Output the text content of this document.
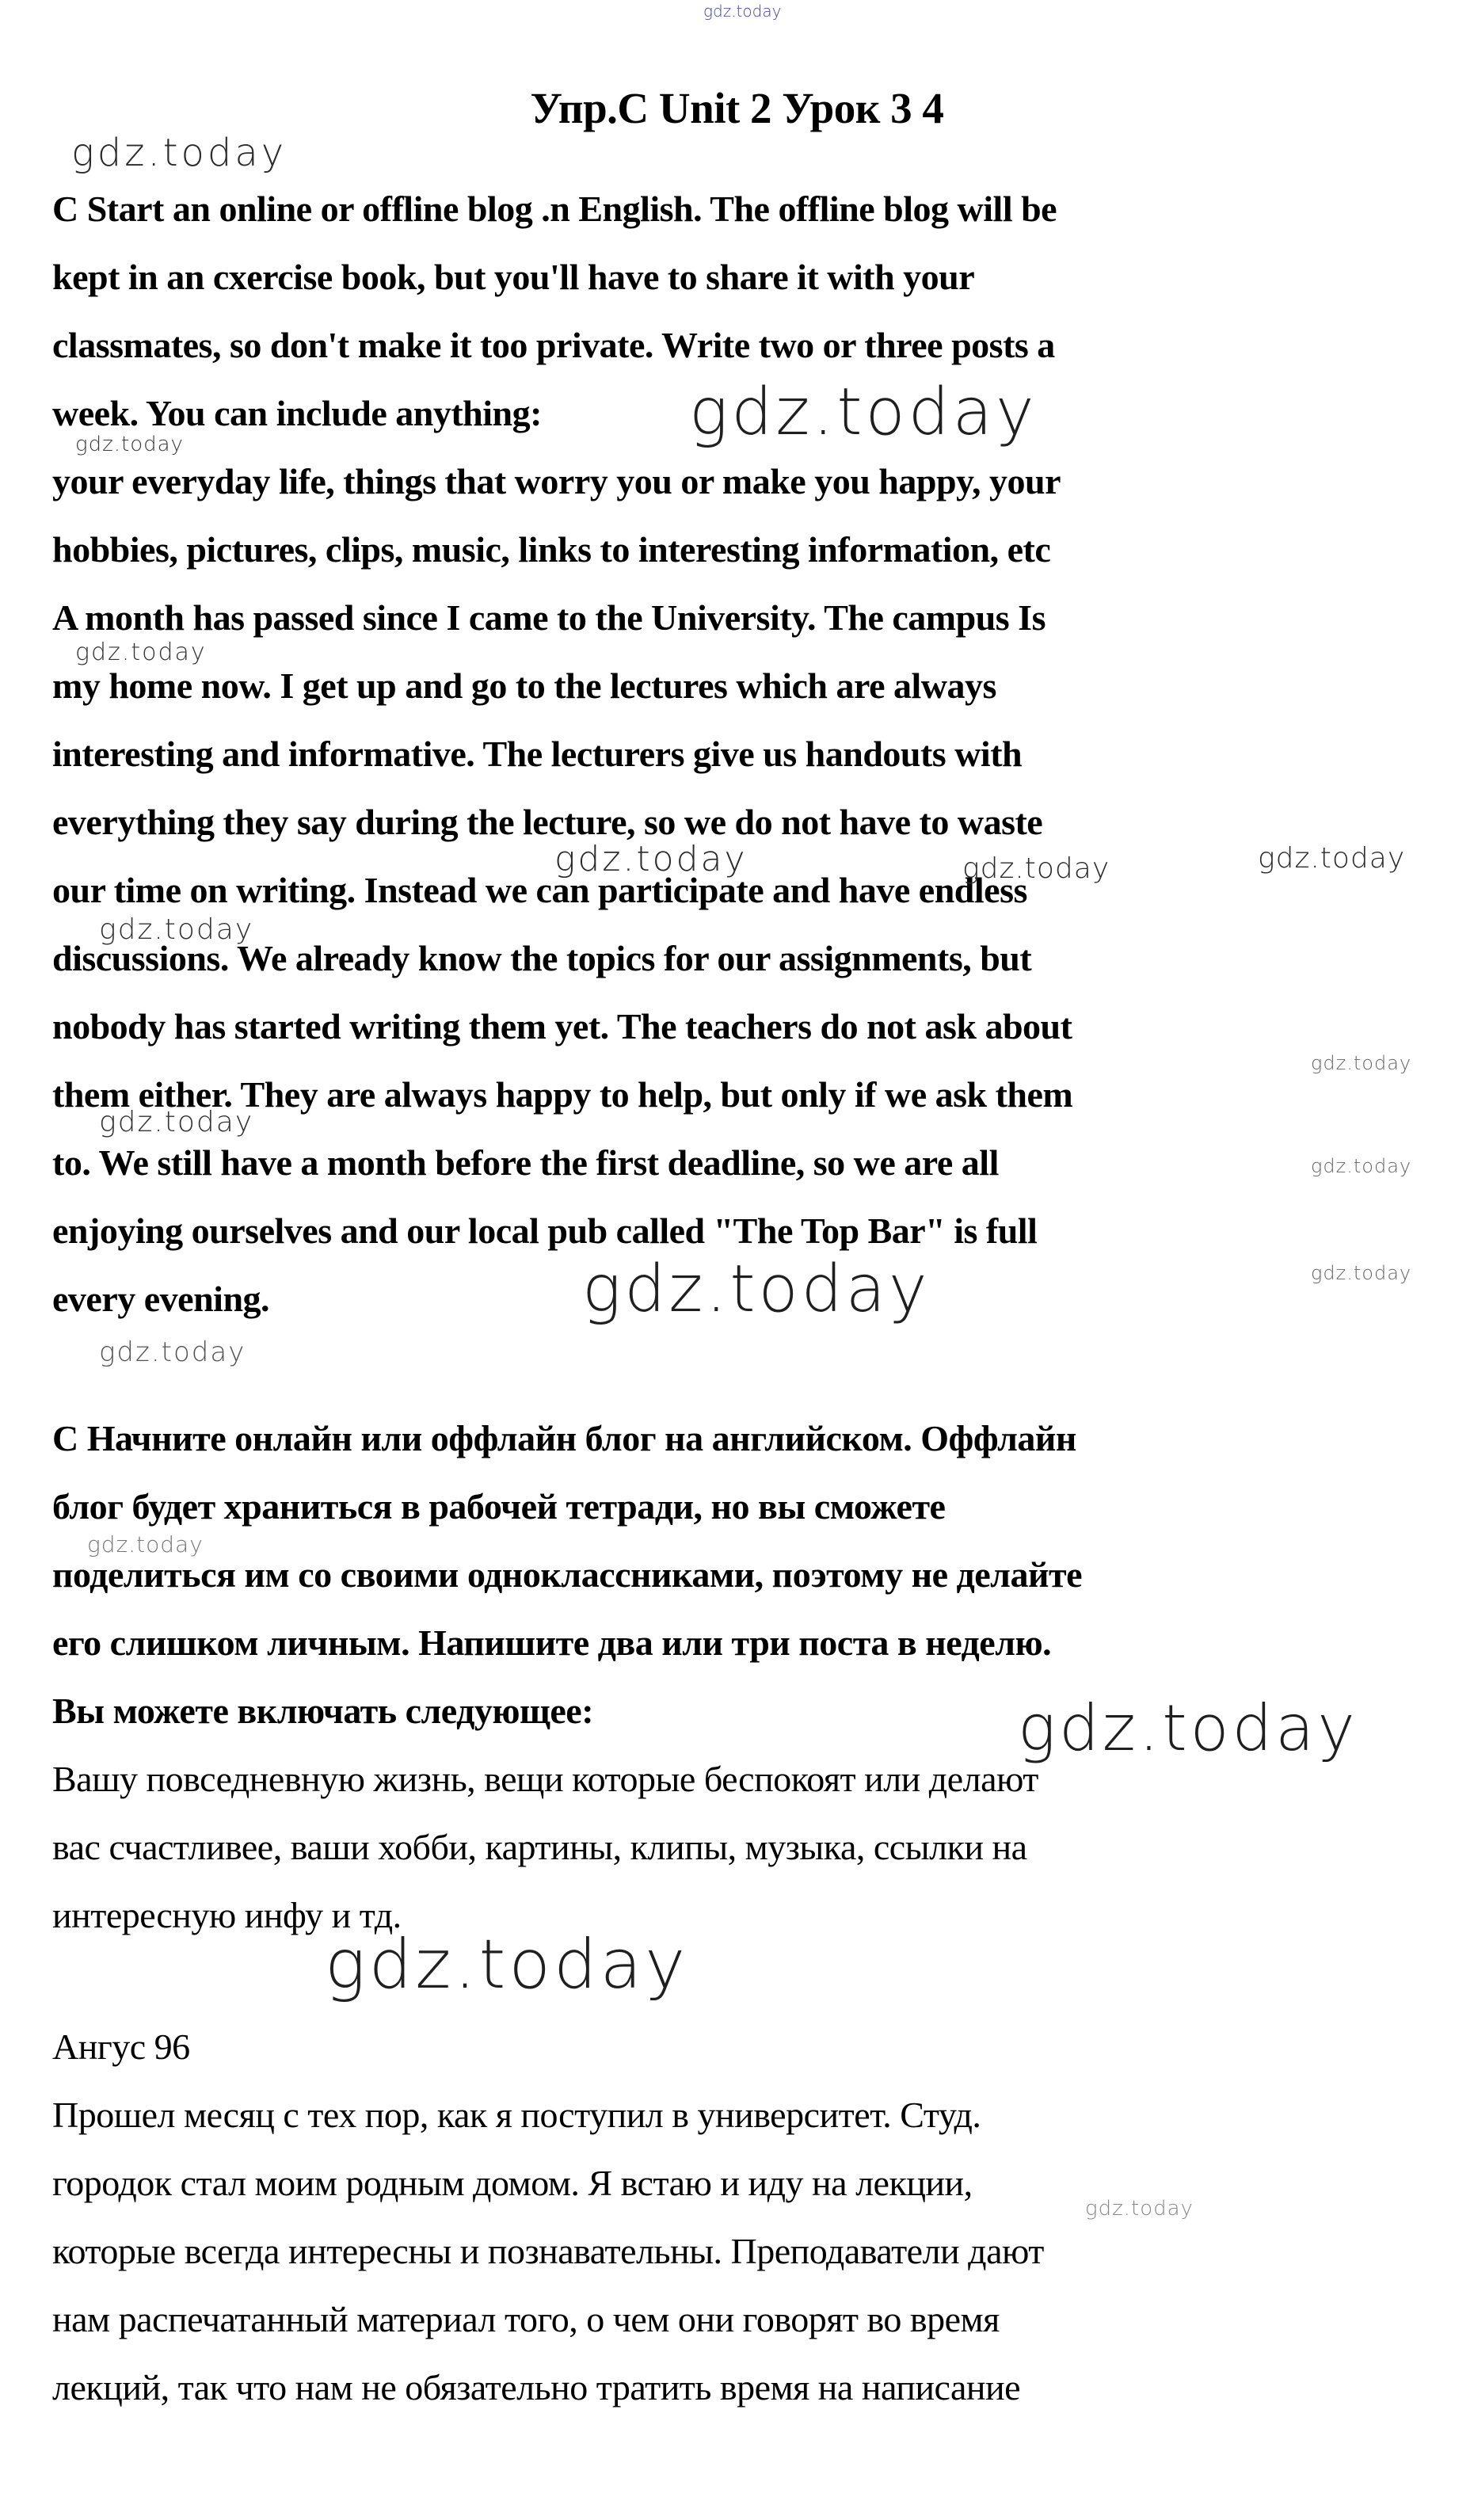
gdz.today
Упр.C Unit 2 Урок 3 4
C Start an online or offline blog .n English. The offline blog will be
kept in an cxercise book, but you'll have to share it with your
classmates, so don't make it too private. Write two or three posts a
week. You can include anything:
your everyday life, things that worry you or make you happy, your
hobbies, pictures, clips, music, links to interesting information, etc
A month has passed since I came to the University. The campus Is
my home now. I get up and go to the lectures which are always
interesting and informative. The lecturers give us handouts with
everything they say during the lecture, so we do not have to waste
our time on writing. Instead we can participate and have endless
discussions. We already know the topics for our assignments, but
nobody has started writing them yet. The teachers do not ask about
them either. They are always happy to help, but only if we ask them
to. We still have a month before the first deadline, so we are all
enjoying ourselves and our local pub called "The Top Bar" is full
every evening.
С Начните онлайн или оффлайн блог на английском. Оффлайн
блог будет храниться в рабочей тетради, но вы сможете
поделиться им со своими одноклассниками, поэтому не делайте
его слишком личным. Напишите два или три поста в неделю.
Вы можете включать следующее:
Вашу повседневную жизнь, вещи которые беспокоят или делают
вас счастливее, ваши хобби, картины, клипы, музыка, ссылки на
интересную инфу и тд.
Ангус 96
Прошел месяц с тех пор, как я поступил в университет. Студ.
городок стал моим родным домом. Я встаю и иду на лекции,
которые всегда интересны и познавательны. Преподаватели дают
нам распечатанный материал того, о чем они говорят во время
лекций, так что нам не обязательно тратить время на написание
gdz.today
gdz.today
gdz.today
gdz.today
gdz.today	gdz.today	gdz.today
gdz.today
gdz.today
gdz.today
gdz.today
gdz.today
gdz.today
gdz.today
gdz.today
gdz.today
gdz.today
gdz.today
